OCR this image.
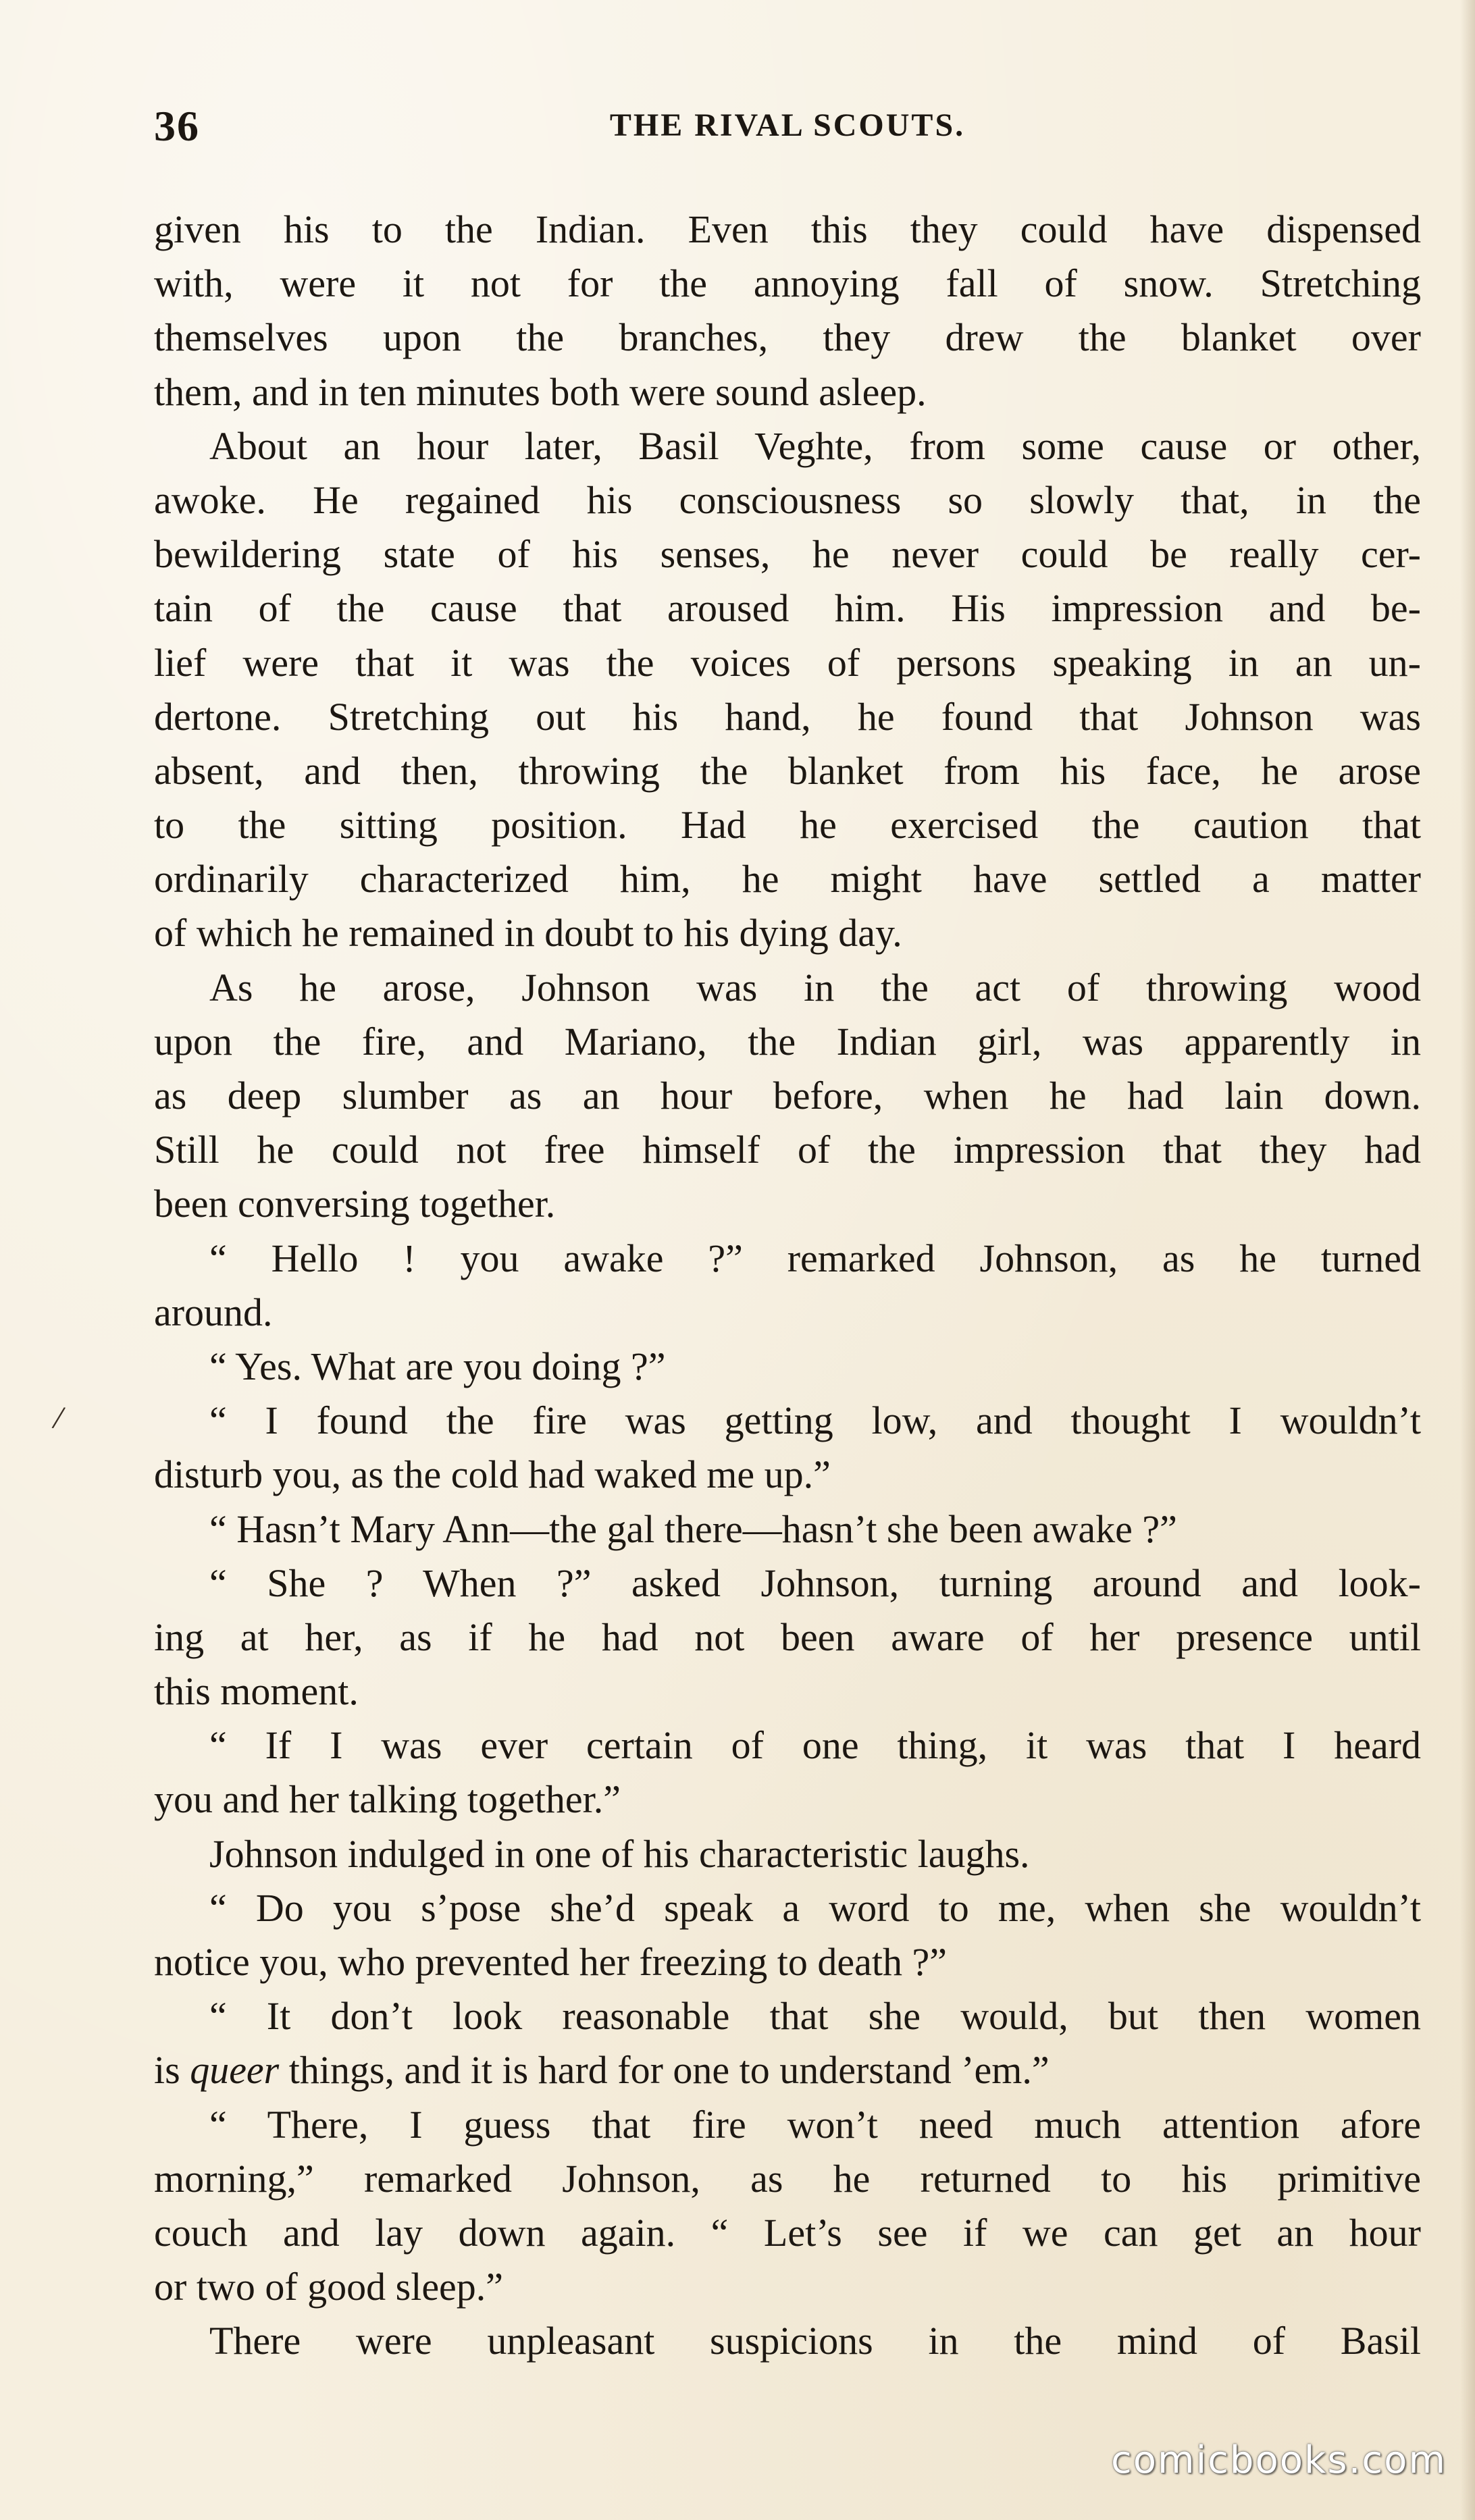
36	THE RIVAL SCOUTS.
given his to the Indian. Even this they could have dispensed
with, were it not for the annoying fall of snow. Stretching
themselves upon the branches, they drew the blanket over
them, and in ten minutes both were sound asleep.
About an hour later, Basil Veghte, from some cause or other,
awoke. He regained his consciousness so slowly that, in the
bewildering state of his senses, he never could be really cer-
tain of the cause that aroused him. His impression and be-
lief were that it was the voices of persons speaking in an un-
dertone. Stretching out his hand, he found that Johnson was
absent, and then, throwing the blanket from his face, he arose
to the sitting position. Had he exercised the caution that
ordinarily characterized him, he might have settled a matter
of which he remained in doubt to his dying day.
As he arose, Johnson was in the act of throwing wood
upon the fire, and Mariano, the Indian girl, was apparently in
as deep slumber as an hour before, when he had lain down.
Still he could not free himself of the impression that they had
been conversing together.
“ Hello ! you awake ?” remarked Johnson, as he turned
around.
“ Yes. What are you doing ?”
“ I found the fire was getting low, and thought I wouldn’t
disturb you, as the cold had waked me up.”
“ Hasn’t Mary Ann—the gal there—hasn’t she been awake ?”
“ She ? When ?” asked Johnson, turning around and look-
ing at her, as if he had not been aware of her presence until
this moment.
“ If I was ever certain of one thing, it was that I heard
you and her talking together.”
Johnson indulged in one of his characteristic laughs.
“ Do you s’pose she’d speak a word to me, when she wouldn’t
notice you, who prevented her freezing to death ?”
“ It don’t look reasonable that she would, but then women
is queer things, and it is hard for one to understand ’em.”
“ There, I guess that fire won’t need much attention afore
morning,” remarked Johnson, as he returned to his primitive
couch and lay down again. “ Let’s see if we can get an hour
or two of good sleep.”
There were unpleasant suspicions in the mind of Basil
/
comicbooks.com
